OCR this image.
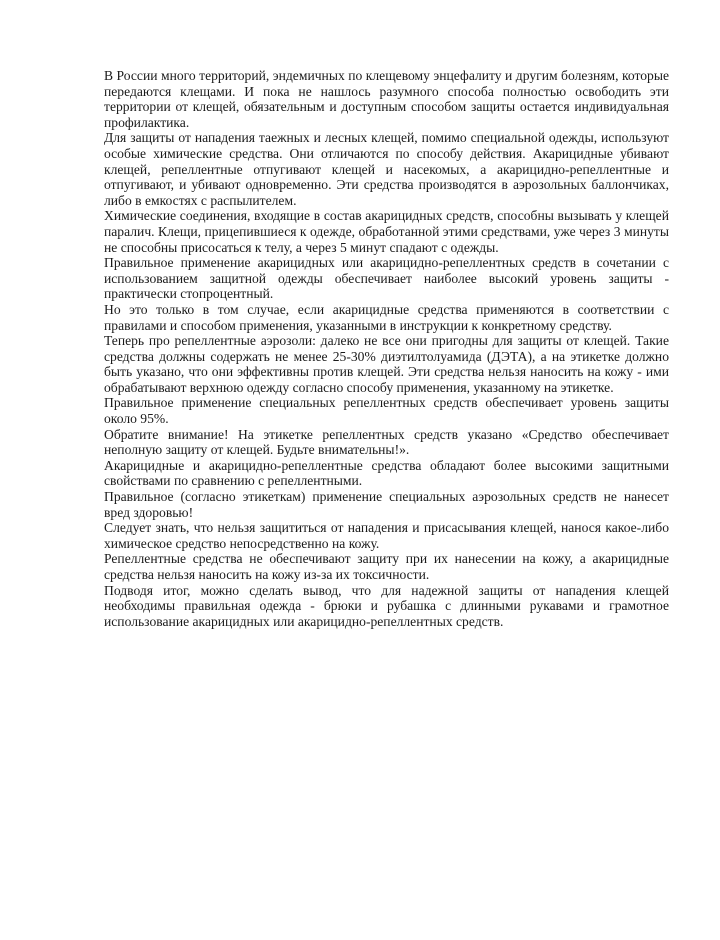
В России много территорий, эндемичных по клещевому энцефалиту и другим болезням, которые передаются клещами. И пока не нашлось разумного способа полностью освободить эти территории от клещей, обязательным и доступным способом защиты остается индивидуальная профилактика.

Для защиты от нападения таежных и лесных клещей, помимо специальной одежды, используют особые химические средства. Они отличаются по способу действия. Акарицидные убивают клещей, репеллентные отпугивают клещей и насекомых, а акарицидно-репеллентные и отпугивают, и убивают одновременно. Эти средства производятся в аэрозольных баллончиках, либо в емкостях с распылителем.

Химические соединения, входящие в состав акарицидных средств, способны вызывать у клещей паралич. Клещи, прицепившиеся к одежде, обработанной этими средствами, уже через 3 минуты не способны присосаться к телу, а через 5 минут спадают с одежды.

Правильное применение акарицидных или акарицидно-репеллентных средств в сочетании с использованием защитной одежды обеспечивает наиболее высокий уровень защиты - практически стопроцентный.

Но это только в том случае, если акарицидные средства применяются в соответствии с правилами и способом применения, указанными в инструкции к конкретному средству.

Теперь про репеллентные аэрозоли: далеко не все они пригодны для защиты от клещей. Такие средства должны содержать не менее 25-30% диэтилтолуамида (ДЭТА), а на этикетке должно быть указано, что они эффективны против клещей. Эти средства нельзя наносить на кожу - ими обрабатывают верхнюю одежду согласно способу применения, указанному на этикетке.

Правильное применение специальных репеллентных средств обеспечивает уровень защиты около 95%.

Обратите внимание! На этикетке репеллентных средств указано «Средство обеспечивает неполную защиту от клещей. Будьте внимательны!».

Акарицидные и акарицидно-репеллентные средства обладают более высокими защитными свойствами по сравнению с репеллентными.

Правильное (согласно этикеткам) применение специальных аэрозольных средств не нанесет вред здоровью!

Следует знать, что нельзя защититься от нападения и присасывания клещей, нанося какое-либо химическое средство непосредственно на кожу.

Репеллентные средства не обеспечивают защиту при их нанесении на кожу, а акарицидные средства нельзя наносить на кожу из-за их токсичности.

Подводя итог, можно сделать вывод, что для надежной защиты от нападения клещей необходимы правильная одежда - брюки и рубашка с длинными рукавами и грамотное использование акарицидных или акарицидно-репеллентных средств.
